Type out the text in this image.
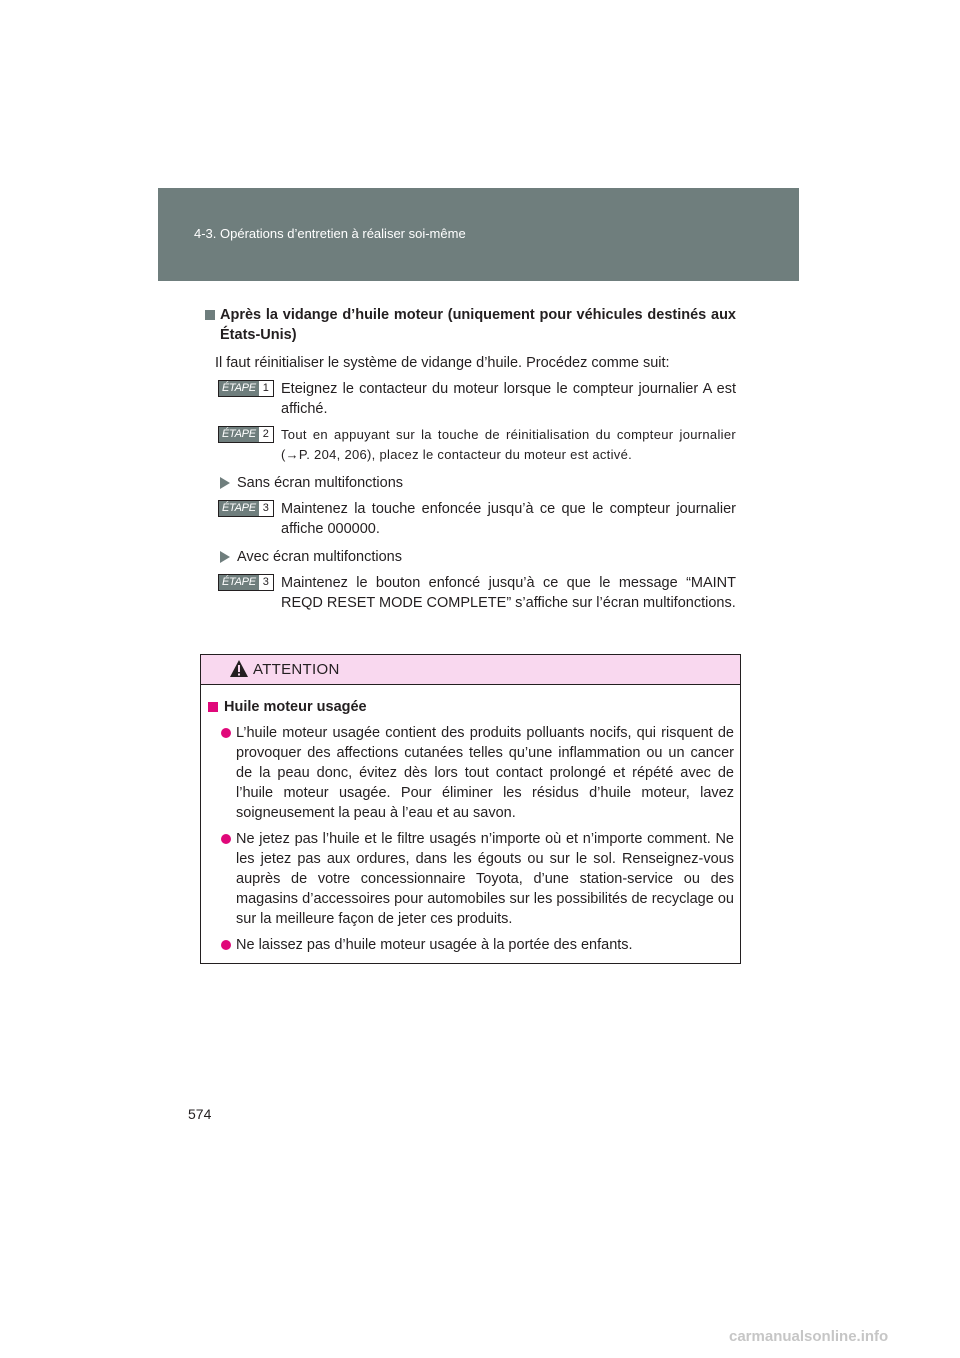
4-3. Opérations d’entretien à réaliser soi-même
Après la vidange d’huile moteur (uniquement pour véhicules destinés aux États-Unis)
Il faut réinitialiser le système de vidange d’huile. Procédez comme suit:
ÉTAPE 1 Eteignez le contacteur du moteur lorsque le compteur journalier A est affiché.
ÉTAPE 2 Tout en appuyant sur la touche de réinitialisation du compteur journalier (→P. 204, 206), placez le contacteur du moteur est activé.
Sans écran multifonctions
ÉTAPE 3 Maintenez la touche enfoncée jusqu’à ce que le compteur journalier affiche 000000.
Avec écran multifonctions
ÉTAPE 3 Maintenez le bouton enfoncé jusqu’à ce que le message “MAINT REQD RESET MODE COMPLETE” s’affiche sur l’écran multifonctions.
ATTENTION
Huile moteur usagée
L’huile moteur usagée contient des produits polluants nocifs, qui risquent de provoquer des affections cutanées telles qu’une inflammation ou un cancer de la peau donc, évitez dès lors tout contact prolongé et répété avec de l’huile moteur usagée. Pour éliminer les résidus d’huile moteur, lavez soigneusement la peau à l’eau et au savon.
Ne jetez pas l’huile et le filtre usagés n’importe où et n’importe comment. Ne les jetez pas aux ordures, dans les égouts ou sur le sol. Renseignez-vous auprès de votre concessionnaire Toyota, d’une station-service ou des magasins d’accessoires pour automobiles sur les possibilités de recyclage ou sur la meilleure façon de jeter ces produits.
Ne laissez pas d’huile moteur usagée à la portée des enfants.
574
carmanualsonline.info
